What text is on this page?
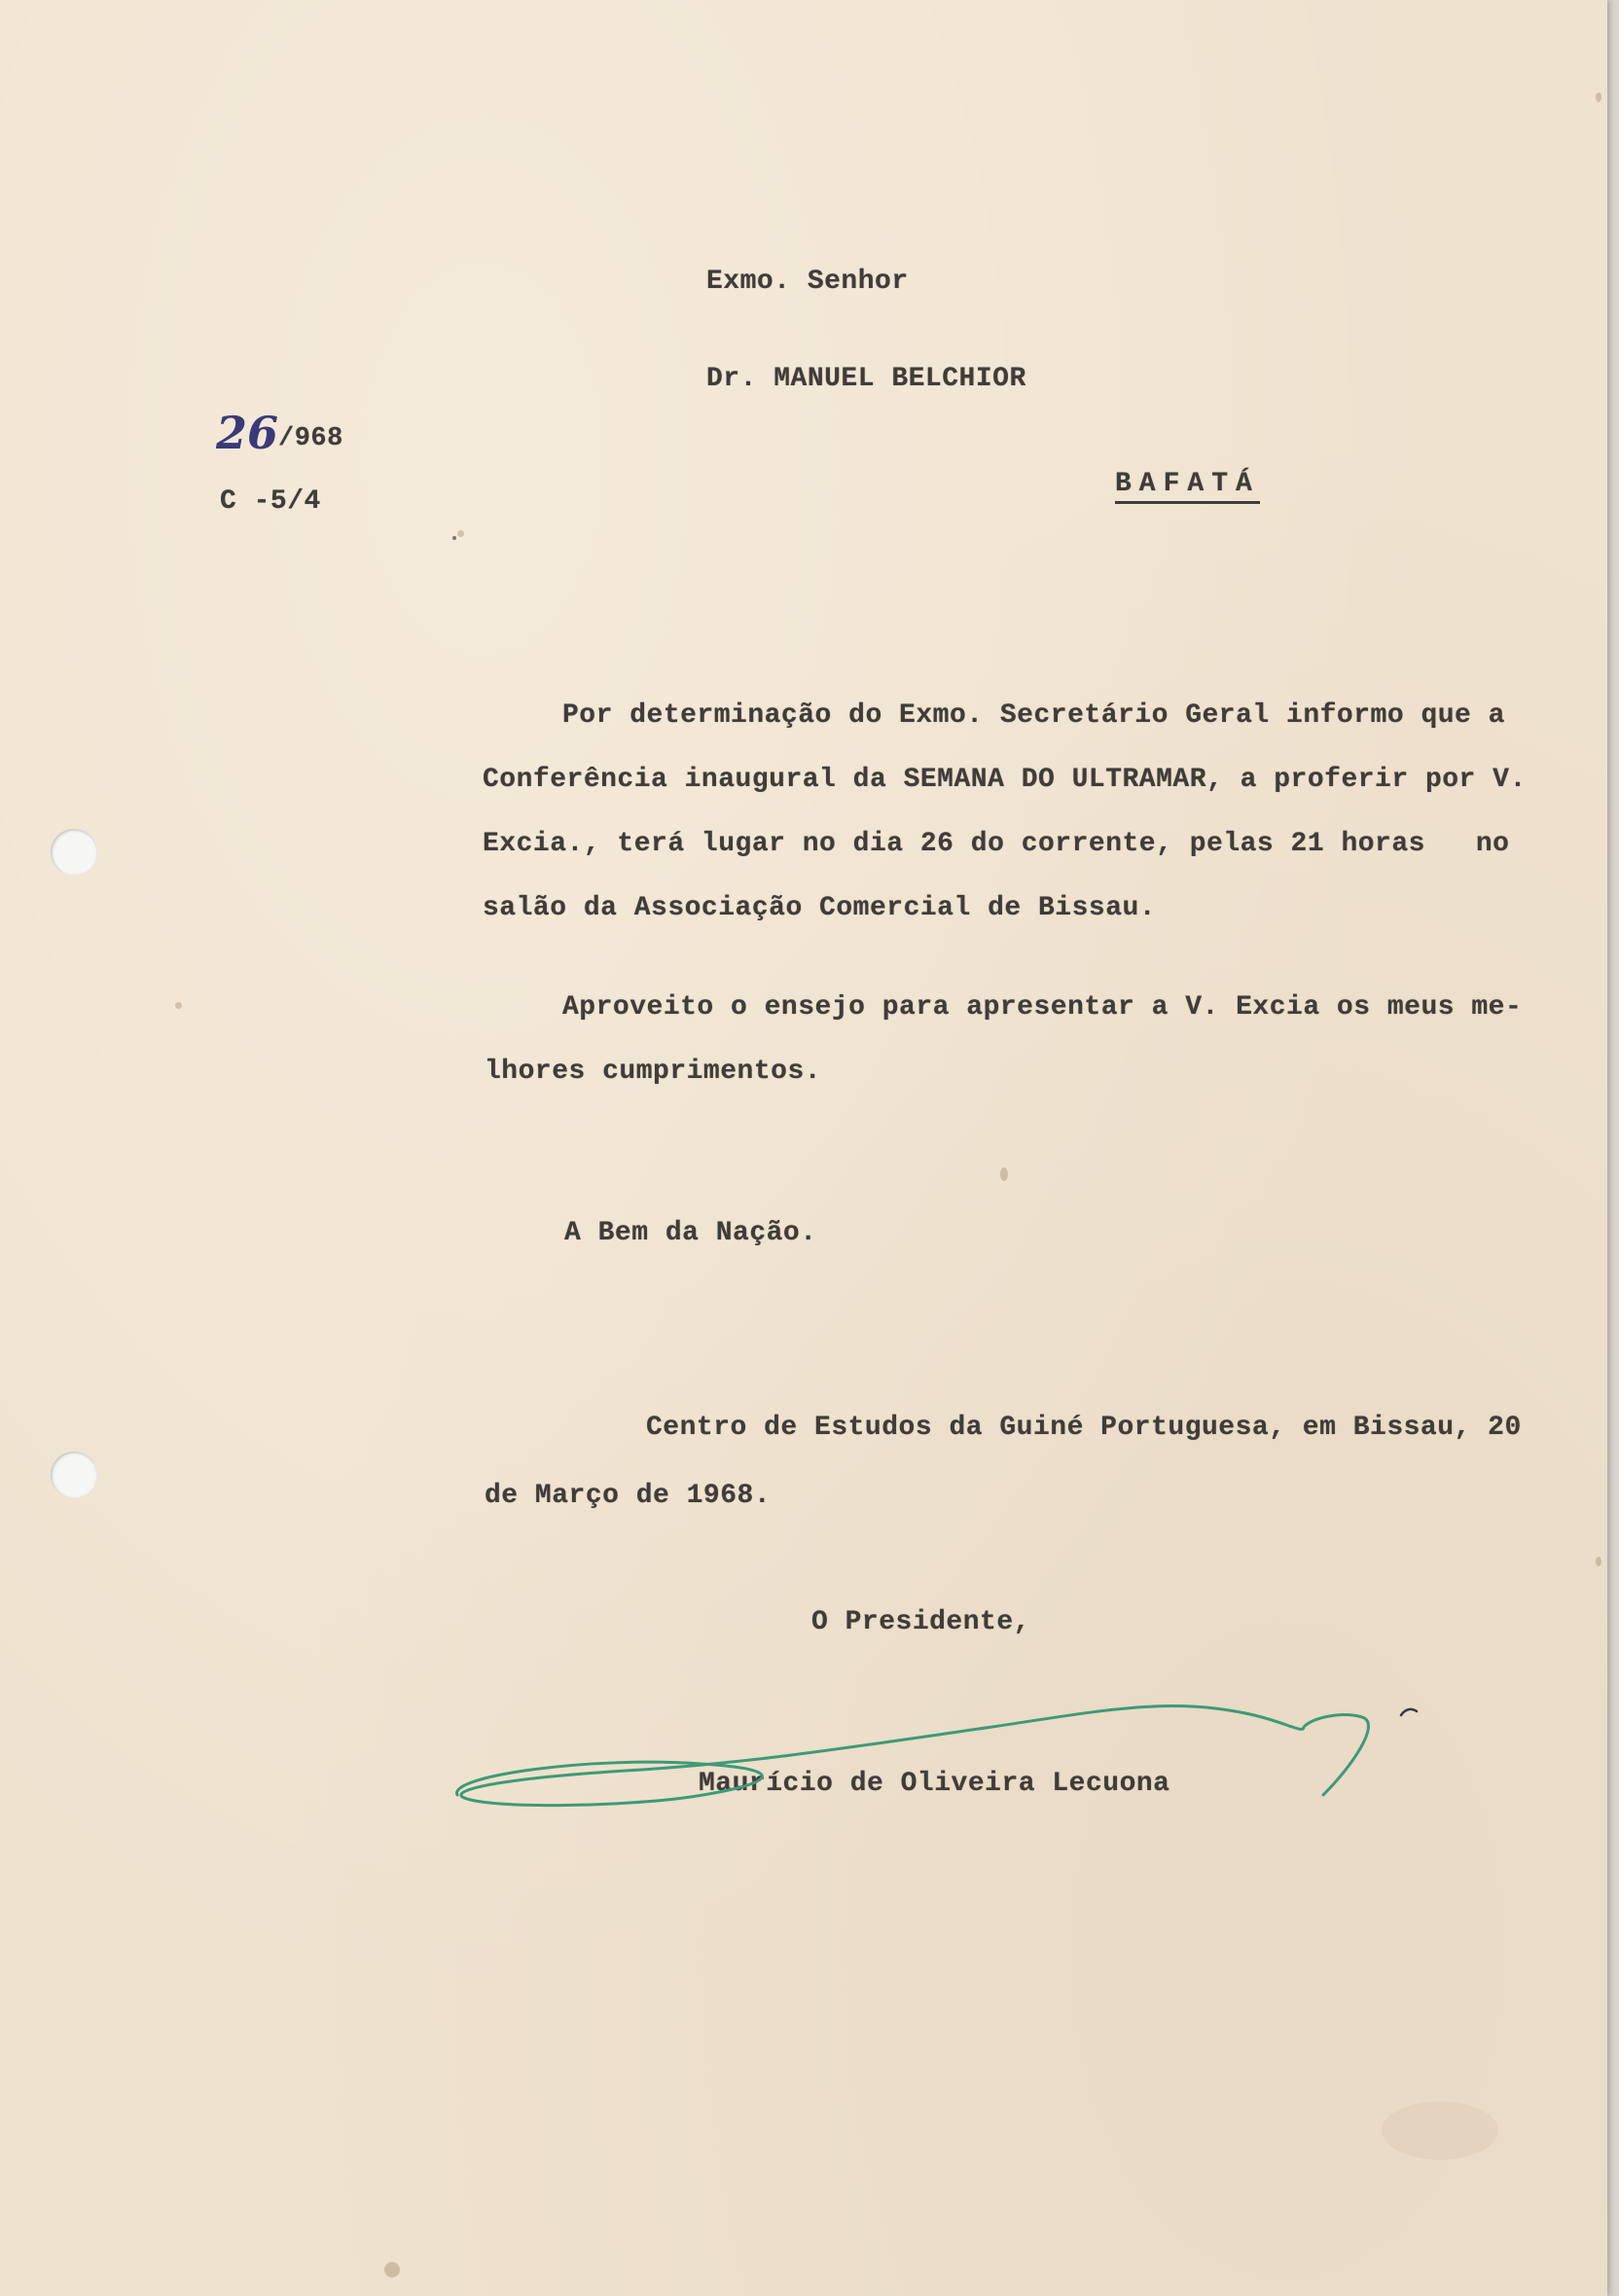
Exmo. Senhor
Dr. MANUEL BELCHIOR
BAFATÁ
26/968
C -5/4
Por determinação do Exmo. Secretário Geral informo que a
Conferência inaugural da SEMANA DO ULTRAMAR, a proferir por V.
Excia., terá lugar no dia 26 do corrente, pelas 21 horas   no
salão da Associação Comercial de Bissau.
Aproveito o ensejo para apresentar a V. Excia os meus me-
lhores cumprimentos.
A Bem da Nação.
Centro de Estudos da Guiné Portuguesa, em Bissau, 20
de Março de 1968.
O Presidente,
Maurício de Oliveira Lecuona
